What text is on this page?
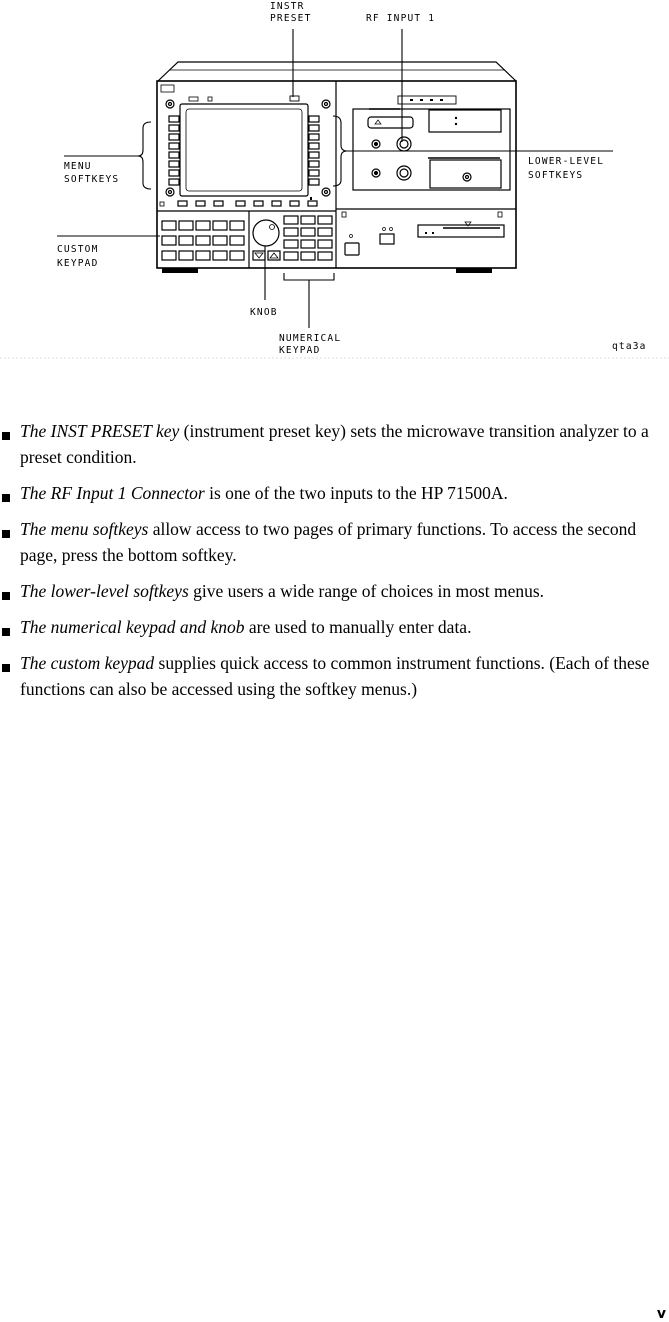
INSTR
PRESET	RF INPUT 1
MENU
SOFTKEYS
LOWER-LEVEL
SOFTKEYS
CUSTOM
KEYPAD
KNOB
NUMERICAL
KEYPAD	qta3a
The INST PRESET key (instrument preset key) sets the microwave transition analyzer to a preset condition.
The RF Input 1 Connector is one of the two inputs to the HP 71500A.
The menu softkeys allow access to two pages of primary functions. To access the second page, press the bottom softkey.
The lower-level softkeys give users a wide range of choices in most menus.
The numerical keypad and knob are used to manually enter data.
The custom keypad supplies quick access to common instrument functions. (Each of these functions can also be accessed using the softkey menus.)
v
